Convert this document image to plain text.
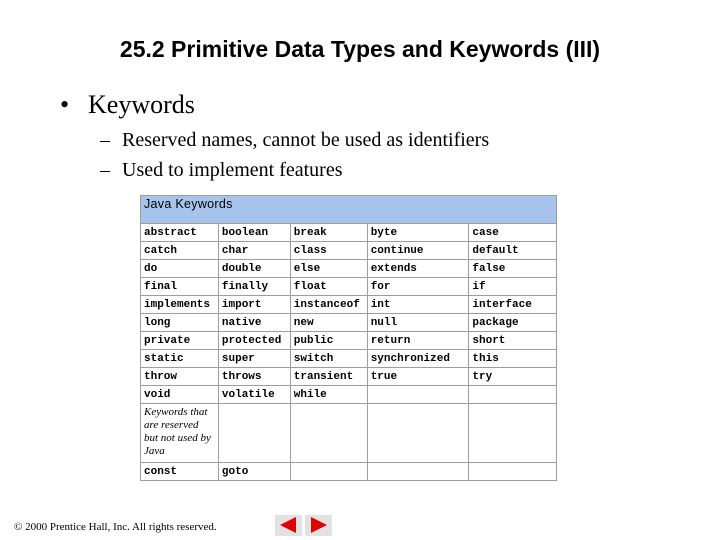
25.2 Primitive Data Types and Keywords (III)
• Keywords
– Reserved names, cannot be used as identifiers
– Used to implement features
Java Keywords				
abstract	boolean	break	byte	case
catch	char	class	continue	default
do	double	else	extends	false
final	finally	float	for	if
implements	import	instanceof	int	interface
long	native	new	null	package
private	protected	public	return	short
static	super	switch	synchronized	this
throw	throws	transient	true	try
void	volatile	while		
Keywords that are reserved but not used by Java				
const	goto			
© 2000 Prentice Hall, Inc. All rights reserved.
